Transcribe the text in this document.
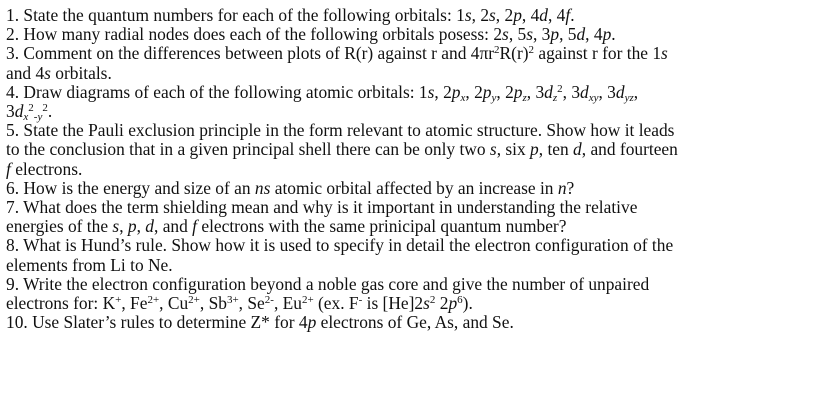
1. State the quantum numbers for each of the following orbitals: 1s, 2s, 2p, 4d, 4f.

2. How many radial nodes does each of the following orbitals posess: 2s, 5s, 3p, 5d, 4p.

3. Comment on the differences between plots of R(r) against r and $4\pi r^2R(r)^2$ against r for the 1s
and 4s orbitals.

4. Draw diagrams of each of the following atomic orbitals: 1s, $2p_x$, $2p_y$, $2p_z$, $3d_z^2$, $3d_{xy}$, $3d_{yz}$,
$3d_x^2_{-y}^2$.

5. State the Pauli exclusion principle in the form relevant to atomic structure. Show how it leads
to the conclusion that in a given principal shell there can be only two s, six p, ten d, and fourteen
f electrons.

6. How is the energy and size of an ns atomic orbital affected by an increase in n?

7. What does the term shielding mean and why is it important in understanding the relative
energies of the s, p, d, and f electrons with the same prinicipal quantum number?

8. What is Hund’s rule. Show how it is used to specify in detail the electron configuration of the
elements from Li to Ne.

9. Write the electron configuration beyond a noble gas core and give the number of unpaired
electrons for: K+, $Fe^{2+}$, $Cu^{2+}$, $Sb^{3+}$, $Se^{2-}$, $Eu^{2+}$ (ex. F- is $[He]2s^2$ $2p^6$).

10. Use Slater’s rules to determine Z* for 4p electrons of Ge, As, and Se.
